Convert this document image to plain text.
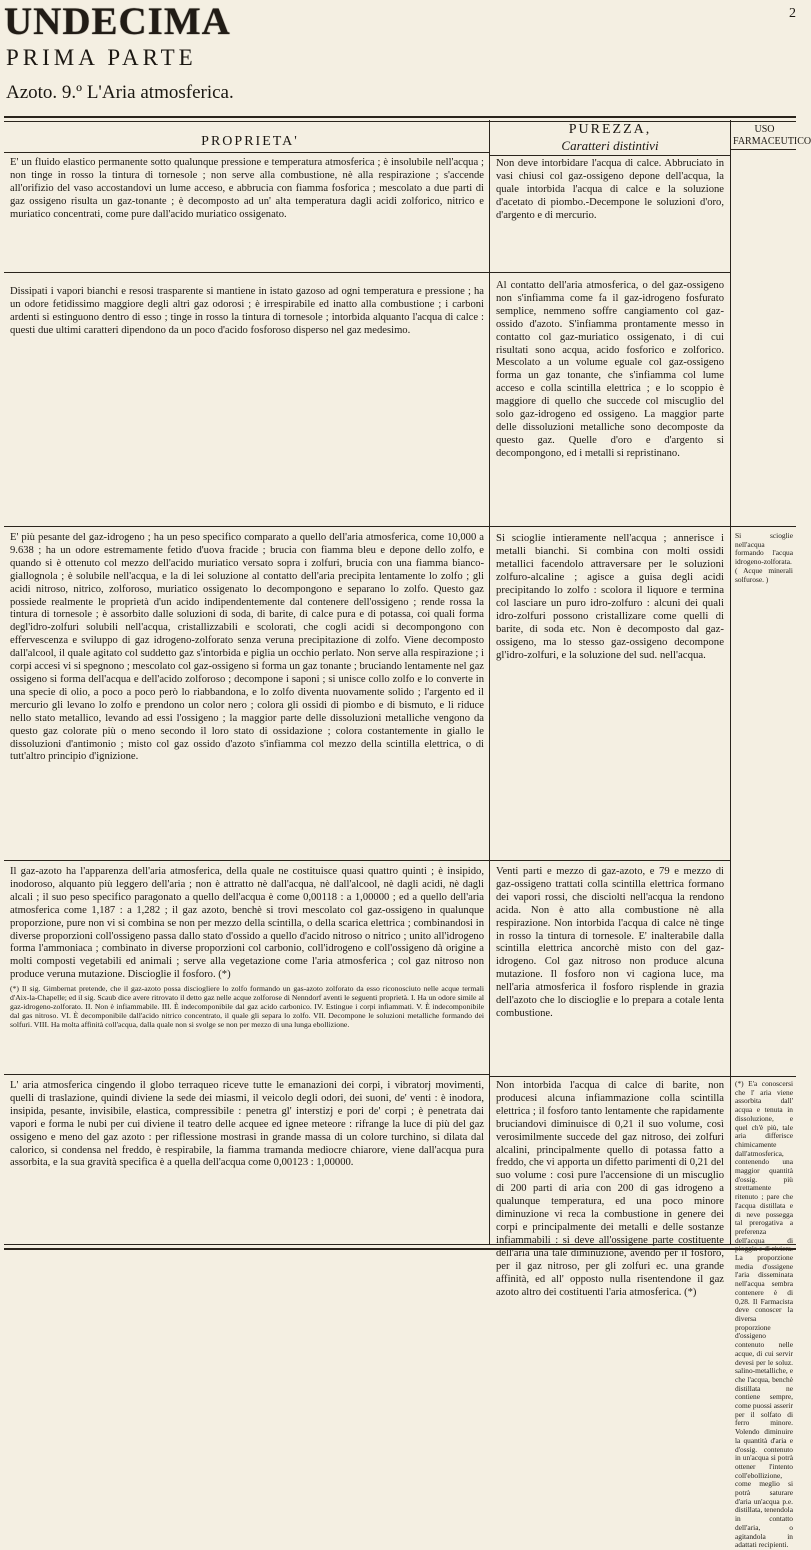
UNDECIMA
PRIMA PARTE
2
Azoto. 9.º L'Aria atmosferica.
PROPRIETA'
PUREZZA,
Caratteri distintivi
USO FARMACEUTICO

E' un fluido elastico permanente sotto qualunque pressione e temperatura atmosferica ; è insolubile nell'acqua ; non tinge in rosso la tintura di tornesole ; non serve alla combustione, nè alla respirazione ; s'accende all'orifizio del vaso accostandovi un lume acceso, e abbrucia con fiamma fosforica ; mescolato a due parti di gaz ossigeno risulta un gaz-tonante ; è decomposto ad un' alta temperatura dagli acidi zolforico, nitrico e muriatico concentrati, come pure dall'acido muriatico ossigenato.

Non deve intorbidare l'acqua di calce. Abbruciato in vasi chiusi col gaz-ossigeno depone dell'acqua, la quale intorbida l'acqua di calce e la soluzione d'acetato di piombo.-Decempone le soluzioni d'oro, d'argento e di mercurio.

Dissipati i vapori bianchi e resosi trasparente si mantiene in istato gazoso ad ogni temperatura e pressione ; ha un odore fetidissimo maggiore degli altri gaz odorosi ; è irrespirabile ed inatto alla combustione ; i carboni ardenti si estinguono dentro di esso ; tinge in rosso la tintura di tornesole ; intorbida alquanto l'acqua di calce : questi due ultimi caratteri dipendono da un poco d'acido fosforoso disperso nel gaz medesimo.

Al contatto dell'aria atmosferica, o del gaz-ossigeno non s'infiamma come fa il gaz-idrogeno fosfurato semplice, nemmeno soffre cangiamento col gaz-ossido d'azoto. S'infiamma prontamente messo in contatto col gaz-muriatico ossigenato, i di cui risultati sono acqua, acido fosforico e zolforico. Mescolato a un volume eguale col gaz-ossigeno forma un gaz tonante, che s'infiamma col lume acceso e colla scintilla elettrica ; e lo scoppio è maggiore di quello che succede col miscuglio del solo gaz-idrogeno ed ossigeno. La maggior parte delle dissoluzioni metalliche sono decomposte da questo gaz. Quelle d'oro e d'argento si decompongono, ed i metalli si repristinano.

E' più pesante del gaz-idrogeno ; ha un peso specifico comparato a quello dell'aria atmosferica, come 10,000 a 9.638 ; ha un odore estremamente fetido d'uova fracide ; brucia con fiamma bleu e depone dello zolfo, e quando si è ottenuto col mezzo dell'acido muriatico versato sopra i zolfuri, brucia con una fiamma bianco-giallognola ; è solubile nell'acqua, e la di lei soluzione al contatto dell'aria precipita lentamente lo zolfo ; gli acidi nitroso, nitrico, zolforoso, muriatico ossigenato lo decompongono e separano lo zolfo. Questo gaz possiede realmente le proprietà d'un acido indipendentemente dal contenere dell'ossigeno ; rende rossa la tintura di tornesole ; è assorbito dalle soluzioni di soda, di barite, di calce pura e di potassa, coi quali forma degl'idro-zolfuri solubili nell'acqua, cristallizzabili e scolorati, che cogli acidi si decompongono con effervescenza e sviluppo di gaz idrogeno-zolforato senza veruna precipitazione di zolfo. Viene decomposto dall'alcool, il quale agitato col suddetto gaz s'intorbida e piglia un occhio perlato. Non serve alla respirazione ; i corpi accesi vi si spegnono ; mescolato col gaz-ossigeno si forma un gaz tonante ; bruciando lentamente nel gaz ossigeno si forma dell'acqua e dell'acido zolforoso ; decompone i saponi ; si unisce collo zolfo e lo converte in una specie di olio, a poco a poco però lo riabbandona, e lo zolfo diventa nuovamente solido ; l'argento ed il mercurio gli levano lo zolfo e prendono un color nero ; colora gli ossidi di piombo e di bismuto, e li riduce nello stato metallico, levando ad essi l'ossigeno ; la maggior parte delle dissoluzioni metalliche vengono da questo gaz colorate più o meno secondo il loro stato di ossidazione ; colora costantemente in giallo le dissoluzioni d'antimonio ; misto col gaz ossido d'azoto s'infiamma col mezzo della scintilla elettrica, o di tutt'altro principio d'ignizione.

Si scioglie intieramente nell'acqua ; annerisce i metalli bianchi. Si combina con molti ossidi metallici facendolo attraversare per le soluzioni zolfuro-alcaline ; agisce a guisa degli acidi precipitando lo zolfo : scolora il liquore e termina col lasciare un puro idro-zolfuro : alcuni dei quali idro-zolfuri possono cristallizare come quelli di barite, di soda etc. Non è decomposto dal gaz-ossigeno, ma lo stesso gaz-ossigeno decompone gl'idro-zolfuri, e la soluzione del sud. nell'acqua.

Si scioglie nell'acqua formando l'acqua idrogeno-zolforata. ( Acque minerali solfurose. )

Il gaz-azoto ha l'apparenza dell'aria atmosferica, della quale ne costituisce quasi quattro quinti ; è insipido, inodoroso, alquanto più leggero dell'aria ; non è attratto nè dall'acqua, nè dall'alcool, nè dagli acidi, nè dagli alcali ; il suo peso specifico paragonato a quello dell'acqua è come 0,00118 : a 1,00000 ; ed a quello dell'aria atmosferica come 1,187 : a 1,282 ; il gaz azoto, benchè si trovi mescolato col gaz-ossigeno in qualunque proporzione, pure non vi si combina se non per mezzo della scintilla, o della scarica elettrica ; combinandosi in diverse proporzioni coll'ossigeno passa dallo stato d'ossido a quello d'acido nitroso o nitrico ; unito all'idrogeno forma l'ammoniaca ; combinato in diverse proporzioni col carbonio, coll'idrogeno e coll'ossigeno dà origine a molti composti vegetabili ed animali ; serve alla vegetazione come l'aria atmosferica ; col gaz nitroso non produce veruna mutazione. Discioglie il fosforo. (*)
(*) Il sig. Gimbernat pretende, che il gaz-azoto possa disciogliere lo zolfo formando un gas-azoto zolforato da esso riconosciuto nelle acque termali d'Aix-la-Chapelle; ed il sig. Scaub dice avere ritrovato il detto gaz nelle acque zolforose di Nenndorf aventi le seguenti proprietà. I. Ha un odore simile al gaz-idrogeno-zolforato. II. Non è infiammabile. III. È indecomponibile dal gaz acido carbonico. IV. Estingue i corpi infiammati. V. È indecomponibile dal gas nitroso. VI. È decomponibile dall'acido nitrico concentrato, il quale gli separa lo zolfo. VII. Decompone le soluzioni metalliche formando dei solfuri. VIII. Ha molta affinità coll'acqua, dalla quale non si svolge se non per mezzo di una lunga ebollizione.

Venti parti e mezzo di gaz-azoto, e 79 e mezzo di gaz-ossigeno trattati colla scintilla elettrica formano dei vapori rossi, che disciolti nell'acqua la rendono acida. Non è atto alla combustione nè alla respirazione. Non intorbida l'acqua di calce nè tinge in rosso la tintura di tornesole. E' inalterabile dalla scintilla elettrica ancorchè misto con del gaz-idrogeno. Col gaz nitroso non produce alcuna mutazione. Il fosforo non vi cagiona luce, ma nell'aria atmosferica il fosforo risplende in grazia dell'azoto che lo discioglie e lo prepara a cotale lenta combustione.

L' aria atmosferica cingendo il globo terraqueo riceve tutte le emanazioni dei corpi, i vibratorj movimenti, quelli di traslazione, quindi diviene la sede dei miasmi, il veicolo degli odori, dei suoni, de' venti : è inodora, insipida, pesante, invisibile, elastica, compressibile : penetra gl' interstizj e pori de' corpi ; è penetrata dai vapori e forma le nubi per cui diviene il teatro delle acquee ed ignee meteore : rifrange la luce di più del gaz ossigeno e meno del gaz azoto : per riflessione mostrasi in grande massa di un colore turchino, si dilata dal calorico, si condensa nel freddo, è respirabile, la fiamma tramanda mediocre chiarore, viene dall'acqua pura assorbita, e la sua gravità specifica è a quella dell'acqua come 0,00123 : 1,00000.

Non intorbida l'acqua di calce di barite, non producesi alcuna infiammazione colla scintilla elettrica ; il fosforo tanto lentamente che rapidamente bruciandovi diminuisce di 0,21 il suo volume, così verosimilmente succede del gaz nitroso, dei zolfuri alcalini, principalmente quello di potassa fatto a freddo, che vi apporta un difetto parimenti di 0,21 del suo volume : così pure l'accensione di un miscuglio di 200 parti di aria con 200 di gas idrogeno a qualunque temperatura, ed una poco minore diminuzione vi reca la combustione in genere dei corpi e principalmente dei metalli e delle sostanze infiammabili : si deve all'ossigene parte costituente dell'aria una tale diminuzione, avendo per il fosforo, per il gaz nitroso, per gli zolfuri ec. una grande affinità, ed all' opposto nulla risentendone il gaz azoto altro dei costituenti l'aria atmosferica. (*)

(*) E'a conoscersi che l' aria viene assorbita dall' acqua e tenuta in dissoluzione, e quel ch'è più, tale aria differisce chimicamente dall'atmosferica, contenendo una maggior quantità d'ossig. più strettamente ritenuto ; pare che l'acqua distillata e di neve possegga tal prerogativa a preferenza dell'acqua di pioggia e di riviera. La proporzione media d'ossigene l'aria disseminata nell'acqua sembra contenere è di 0,28. Il Farmacista deve conoscer la diversa proporzione d'ossigeno contenuto nelle acque, di cui servir devesi per le soluz. salino-metalliche, e che l'acqua, benchè distillata ne contiene sempre, come puossi asserir per il solfato di ferro minore. Volendo diminuire la quantità d'aria e d'ossig. contenuto in un'acqua si potrà ottener l'intento coll'ebollizione, come meglio si potrà saturare d'aria un'acqua p.e. distillata, tenendola in contatto dell'aria, o agitandola in adattati recipienti.
